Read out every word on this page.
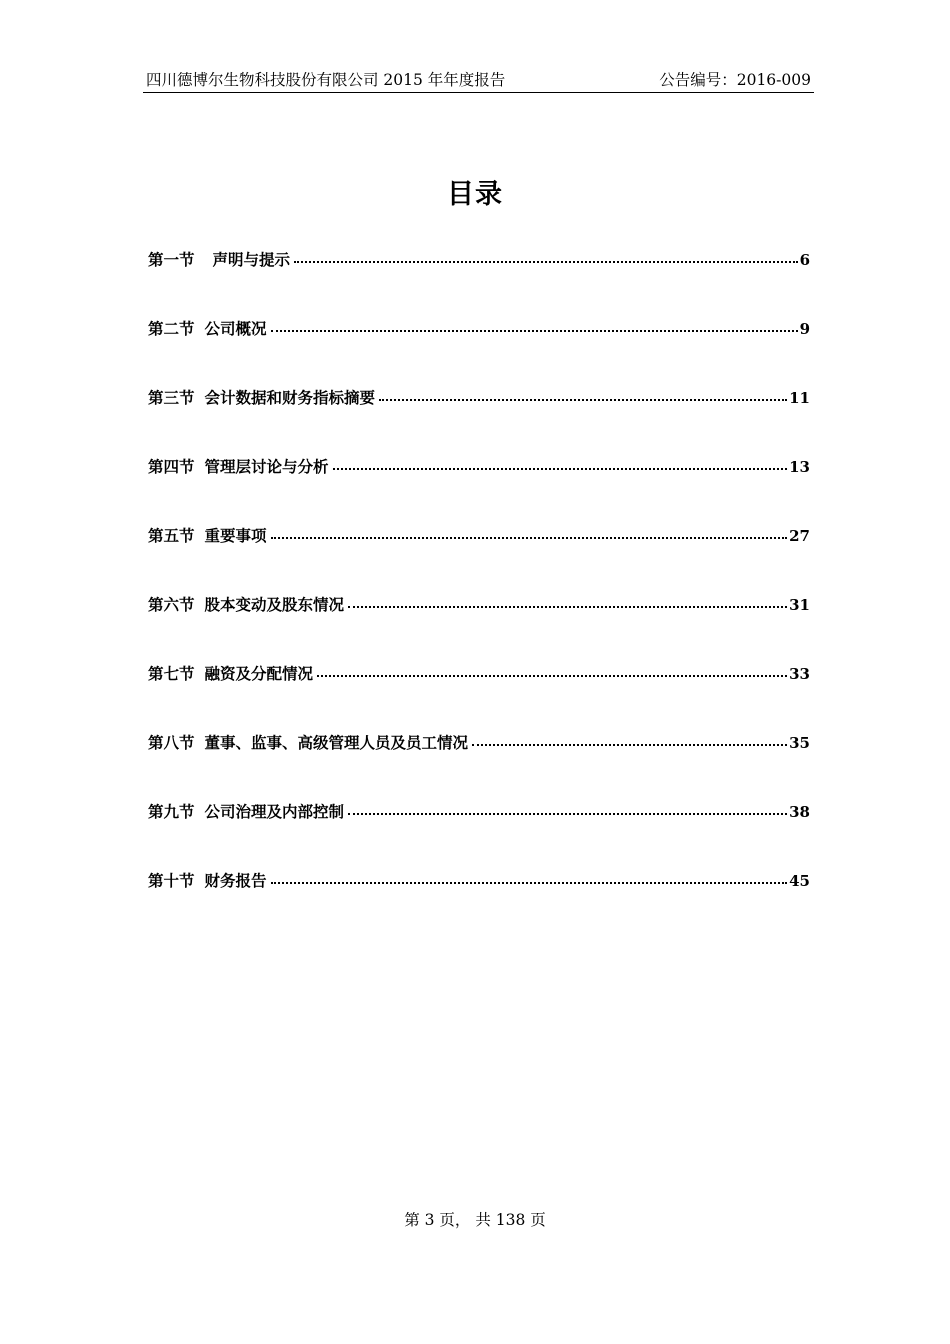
四川德博尔生物科技股份有限公司 2015 年年度报告	公告编号：2016-009
目录
第一节 声明与提示	6
第二节 公司概况	9
第三节 会计数据和财务指标摘要	11
第四节 管理层讨论与分析	13
第五节 重要事项	27
第六节 股本变动及股东情况	31
第七节 融资及分配情况	33
第八节 董事、监事、高级管理人员及员工情况	35
第九节 公司治理及内部控制	38
第十节 财务报告	45
第 3 页， 共 138 页
